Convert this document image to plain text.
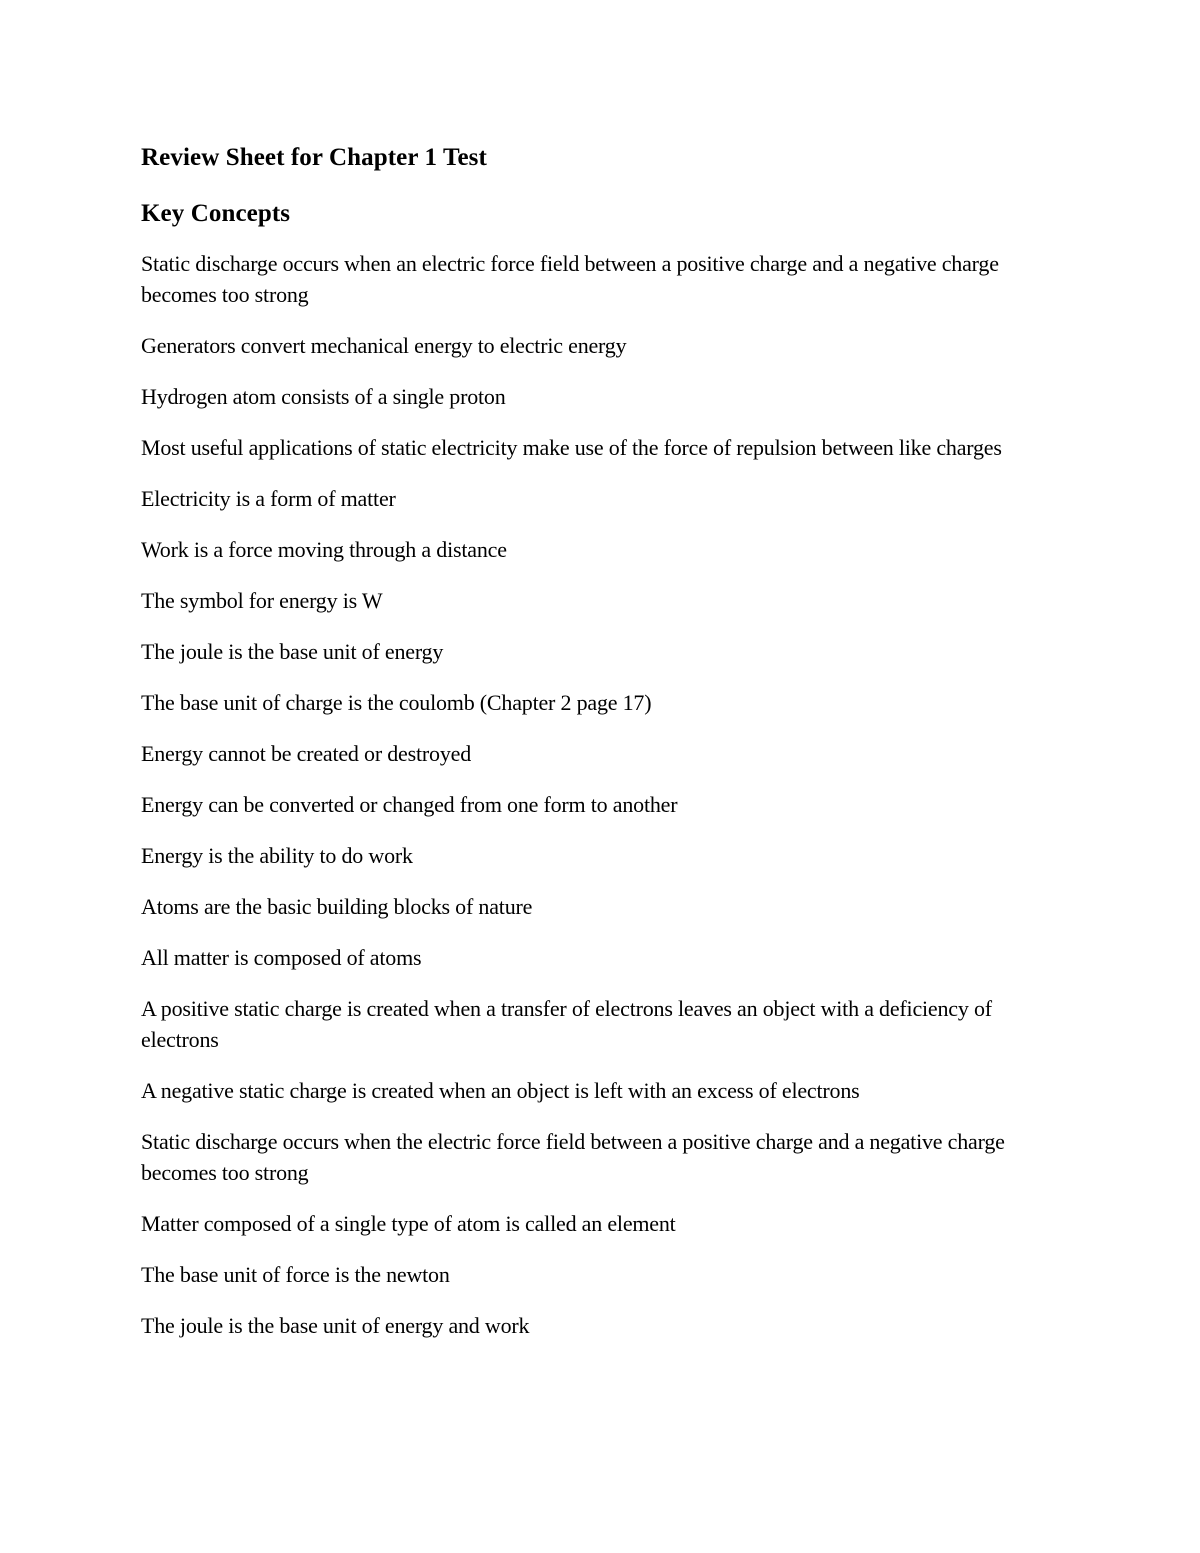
Review Sheet for Chapter 1 Test
Key Concepts
Static discharge occurs when an electric force field between a positive charge and a negative charge becomes too strong
Generators convert mechanical energy to electric energy
Hydrogen atom consists of a single proton
Most useful applications of static electricity make use of the force of repulsion between like charges
Electricity is a form of matter
Work is a force moving through a distance
The symbol for energy is W
The joule is the base unit of energy
The base unit of charge is the coulomb (Chapter 2 page 17)
Energy cannot be created or destroyed
Energy can be converted or changed from one form to another
Energy is the ability to do work
Atoms are the basic building blocks of nature
All matter is composed of atoms
A positive static charge is created when a transfer of electrons leaves an object with a deficiency of electrons
A negative static charge is created when an object is left with an excess of electrons
Static discharge occurs when the electric force field between a positive charge and a negative charge becomes too strong
Matter composed of a single type of atom is called an element
The base unit of force is the newton
The joule is the base unit of energy and work
